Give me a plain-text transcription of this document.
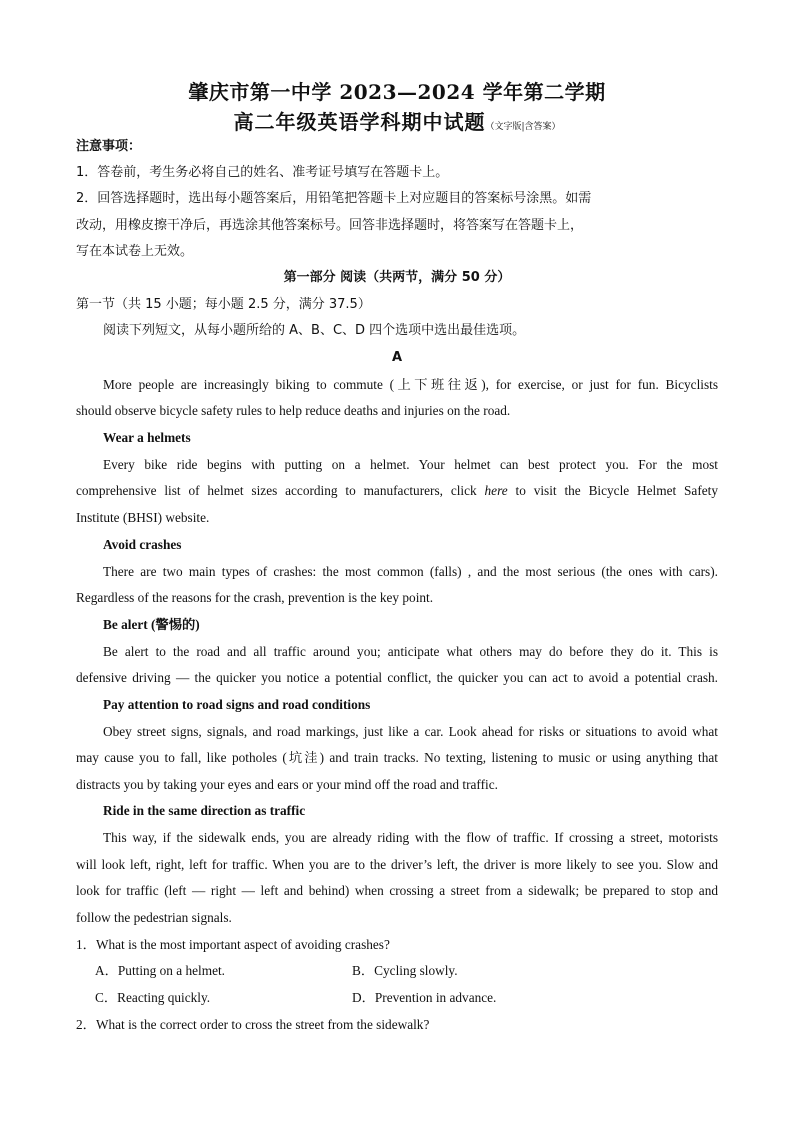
肇庆市第一中学 2023—2024 学年第二学期
高二年级英语学科期中试题（文字版|含答案）
注意事项：
1．答卷前，考生务必将自己的姓名、准考证号填写在答题卡上。
2．回答选择题时，选出每小题答案后，用铅笔把答题卡上对应题目的答案标号涂黑。如需
改动，用橡皮擦干净后，再选涂其他答案标号。回答非选择题时，将答案写在答题卡上，
写在本试卷上无效。
第一部分 阅读（共两节，满分 50 分）
第一节（共 15 小题；每小题 2.5 分，满分 37.5）
阅读下列短文，从每小题所给的 A、B、C、D 四个选项中选出最佳选项。
A
More people are increasingly biking to commute (上下班往返), for exercise, or just for fun. Bicyclists
should observe bicycle safety rules to help reduce deaths and injuries on the road.
Wear a helmets
Every bike ride begins with putting on a helmet. Your helmet can best protect you. For the most
comprehensive list of helmet sizes according to manufacturers, click here to visit the Bicycle Helmet Safety
Institute (BHSI) website.
Avoid crashes
There are two main types of crashes: the most common (falls) , and the most serious (the ones with cars).
Regardless of the reasons for the crash, prevention is the key point.
Be alert (警惕的)
Be alert to the road and all traffic around you; anticipate what others may do before they do it. This is
defensive driving — the quicker you notice a potential conflict, the quicker you can act to avoid a potential crash.
Pay attention to road signs and road conditions
Obey street signs, signals, and road markings, just like a car. Look ahead for risks or situations to avoid what
may cause you to fall, like potholes (坑洼) and train tracks. No texting, listening to music or using anything that
distracts you by taking your eyes and ears or your mind off the road and traffic.
Ride in the same direction as traffic
This way, if the sidewalk ends, you are already riding with the flow of traffic. If crossing a street, motorists
will look left, right, left for traffic. When you are to the driver’s left, the driver is more likely to see you. Slow and
look for traffic (left — right — left and behind) when crossing a street from a sidewalk; be prepared to stop and
follow the pedestrian signals.
1．What is the most important aspect of avoiding crashes?
A．Putting on a helmet.	B．Cycling slowly.
C．Reacting quickly.	D．Prevention in advance.
2．What is the correct order to cross the street from the sidewalk?
